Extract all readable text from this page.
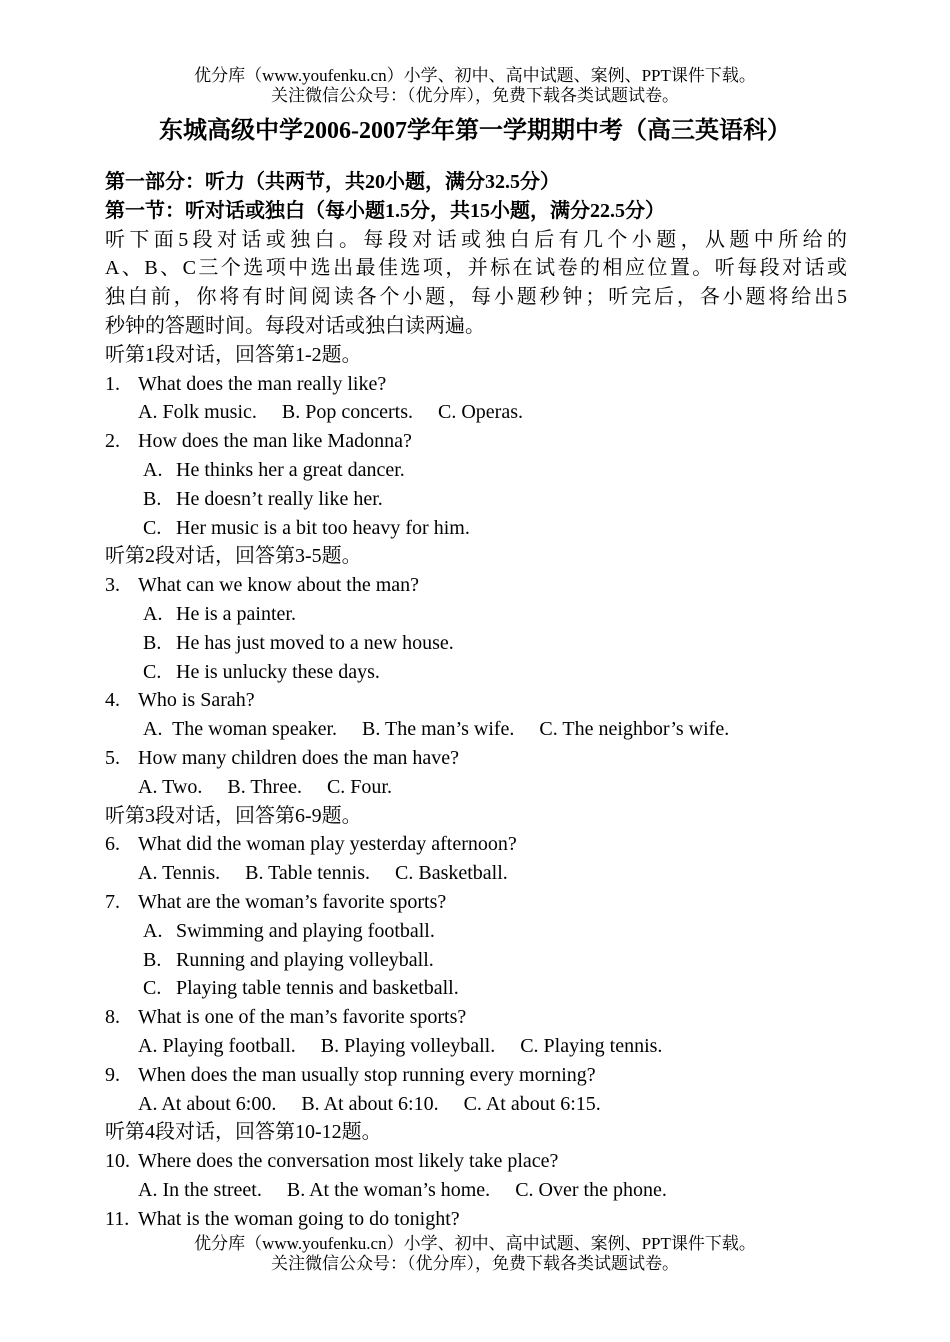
优分库（www.youfenku.cn）小学、初中、高中试题、案例、PPT课件下载。
关注微信公众号：（优分库），免费下载各类试题试卷。
东城高级中学2006-2007学年第一学期期中考（高三英语科）
第一部分：听力（共两节，共20小题，满分32.5分）
第一节：听对话或独白（每小题1.5分，共15小题，满分22.5分）
听下面5段对话或独白。每段对话或独白后有几个小题，从题中所给的
A、B、C三个选项中选出最佳选项，并标在试卷的相应位置。听每段对话或
独白前，你将有时间阅读各个小题，每小题秒钟；听完后，各小题将给出5
秒钟的答题时间。每段对话或独白读两遍。
听第1段对话，回答第1-2题。
1. What does the man really like?
A. Folk music. B. Pop concerts. C. Operas.
2. How does the man like Madonna?
A. He thinks her a great dancer.
B. He doesn’t really like her.
C. Her music is a bit too heavy for him.
听第2段对话，回答第3-5题。
3. What can we know about the man?
A. He is a painter.
B. He has just moved to a new house.
C. He is unlucky these days.
4. Who is Sarah?
A.  The woman speaker. B. The man’s wife. C. The neighbor’s wife.
5. How many children does the man have?
A. Two. B. Three. C. Four.
听第3段对话，回答第6-9题。
6. What did the woman play yesterday afternoon?
A. Tennis. B. Table tennis. C. Basketball.
7. What are the woman’s favorite sports?
A. Swimming and playing football.
B. Running and playing volleyball.
C. Playing table tennis and basketball.
8. What is one of the man’s favorite sports?
A. Playing football. B. Playing volleyball. C. Playing tennis.
9. When does the man usually stop running every morning?
A. At about 6:00. B. At about 6:10. C. At about 6:15.
听第4段对话，回答第10-12题。
10. Where does the conversation most likely take place?
A. In the street. B. At the woman’s home. C. Over the phone.
11. What is the woman going to do tonight?
优分库（www.youfenku.cn）小学、初中、高中试题、案例、PPT课件下载。
关注微信公众号：（优分库），免费下载各类试题试卷。
